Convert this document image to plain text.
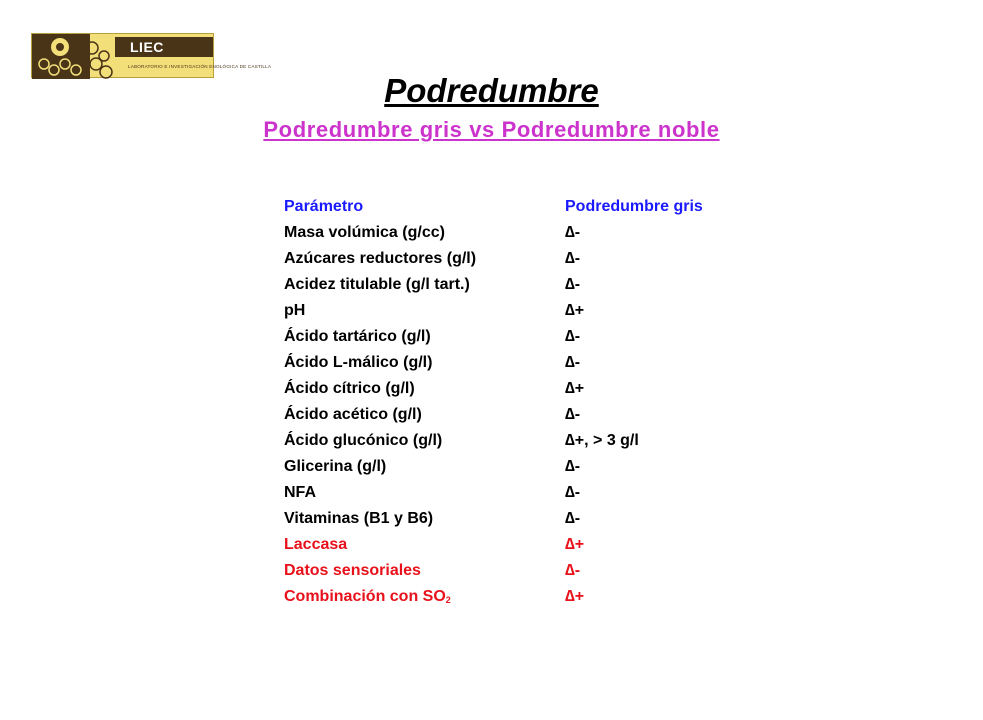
LIEC
LABORATORIO E INVESTIGACIÓN ENOLÓGICA DE CASTILLA
Podredumbre
Podredumbre gris vs Podredumbre noble
Parámetro	Podredumbre gris
Masa volúmica (g/cc)	∆-
Azúcares reductores (g/l)	∆-
Acidez titulable (g/l tart.)	∆-
pH	∆+
Ácido tartárico (g/l)	∆-
Ácido L-málico (g/l)	∆-
Ácido cítrico (g/l)	∆+
Ácido acético (g/l)	∆-
Ácido glucónico (g/l)	∆+, > 3 g/l
Glicerina (g/l)	∆-
NFA	∆-
Vitaminas (B1 y B6)	∆-
Laccasa	∆+
Datos sensoriales	∆-
Combinación con $SO_2$	∆+
